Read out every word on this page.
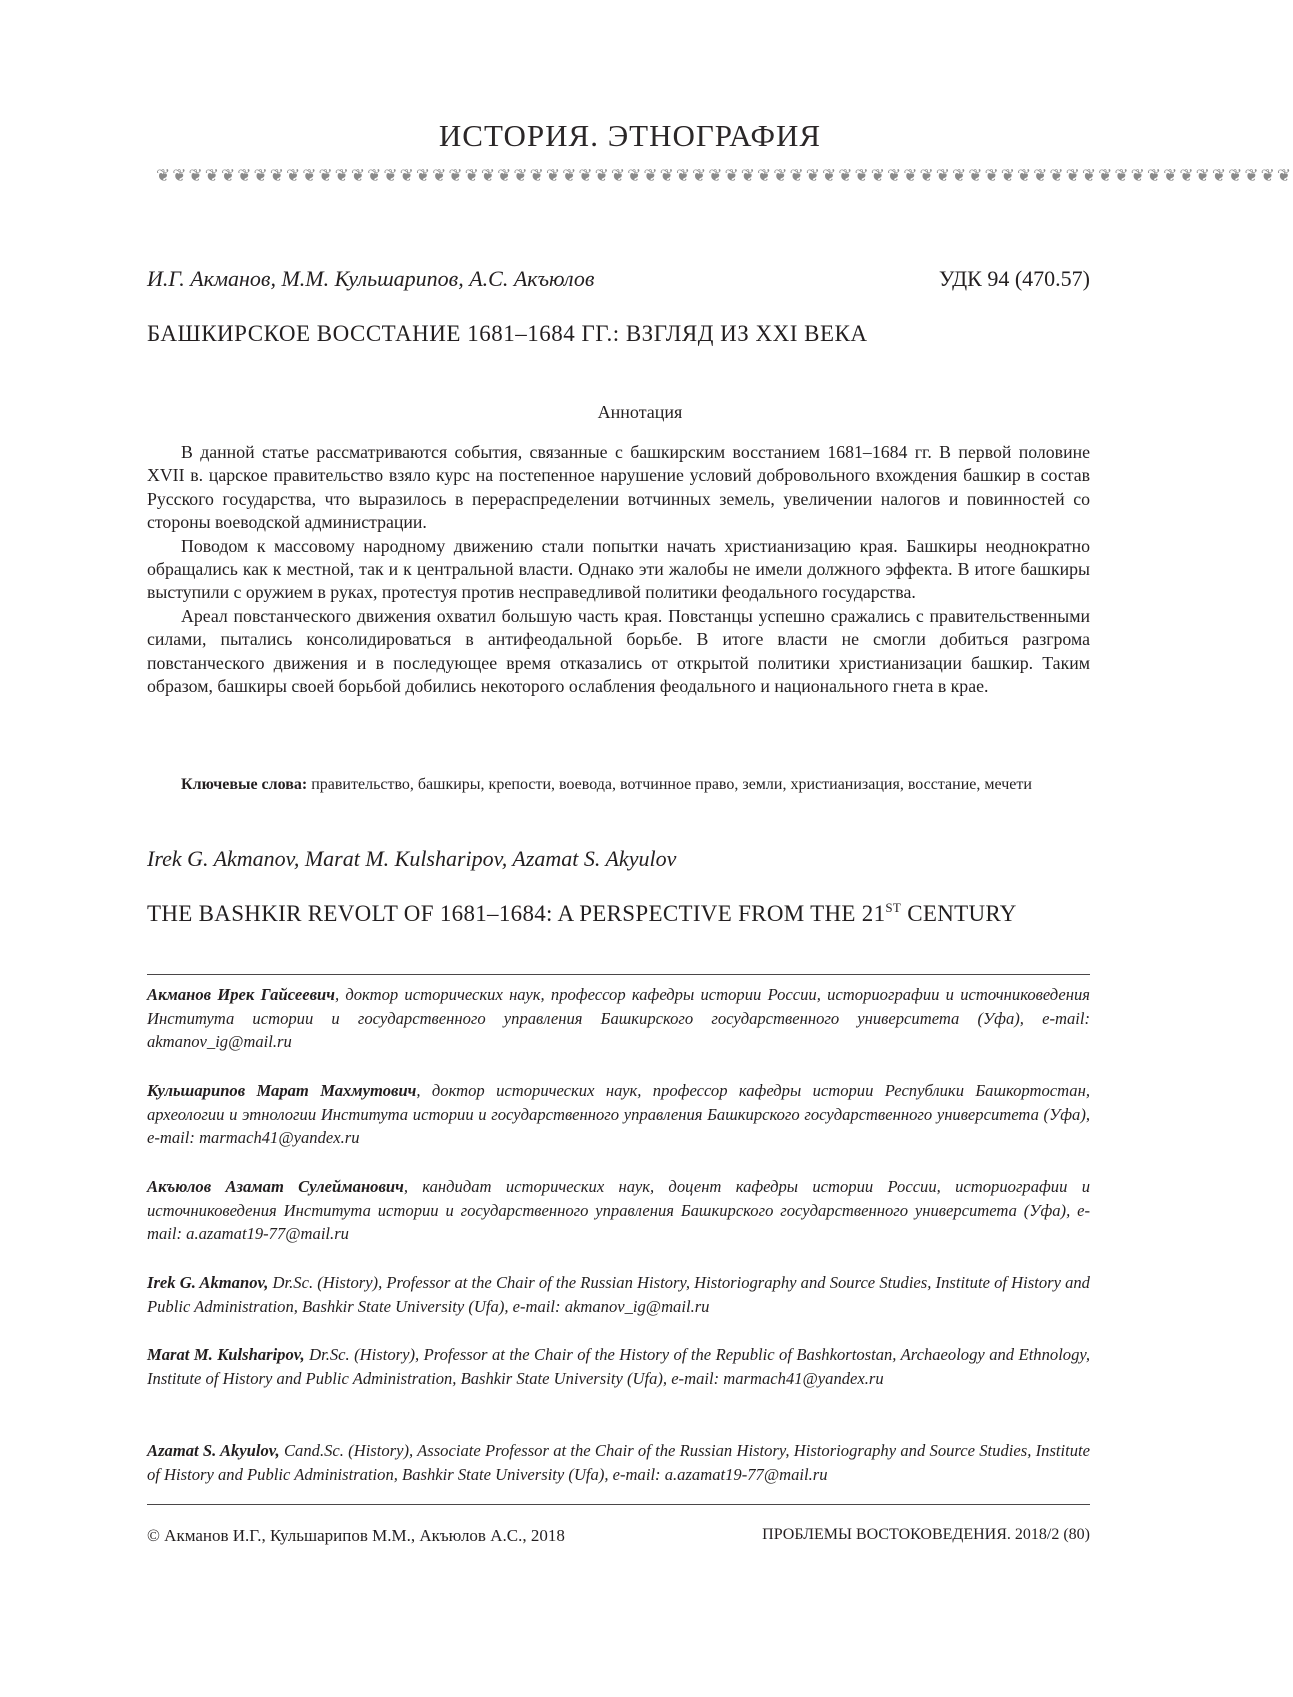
ИСТОРИЯ. ЭТНОГРАФИЯ
❦❦❦❦❦❦❦❦❦❦❦❦❦❦❦❦❦❦❦❦❦❦❦❦❦❦❦❦❦❦❦❦❦❦❦❦❦❦❦❦❦❦❦❦❦❦❦❦❦❦❦❦❦❦❦❦❦❦❦❦❦❦❦❦❦❦❦❦❦❦
И.Г. Акманов, М.М. Кульшарипов, А.С. Акъюлов	УДК 94 (470.57)
БАШКИРСКОЕ ВОССТАНИЕ 1681–1684 ГГ.: ВЗГЛЯД ИЗ XXI ВЕКА
Аннотация

В данной статье рассматриваются события, связанные с башкирским восстанием 1681–1684 гг. В первой половине XVII в. царское правительство взяло курс на постепенное нарушение условий добровольного вхождения башкир в состав Русского государства, что выразилось в перераспределении вотчинных земель, увеличении налогов и повинностей со стороны воеводской администрации.

Поводом к массовому народному движению стали попытки начать христианизацию края. Башкиры неоднократно обращались как к местной, так и к центральной власти. Однако эти жалобы не имели должного эффекта. В итоге башкиры выступили с оружием в руках, протестуя против несправедливой политики феодального государства.

Ареал повстанческого движения охватил большую часть края. Повстанцы успешно сражались с правительственными силами, пытались консолидироваться в антифеодальной борьбе. В итоге власти не смогли добиться разгрома повстанческого движения и в последующее время отказались от открытой политики христианизации башкир. Таким образом, башкиры своей борьбой добились некоторого ослабления феодального и национального гнета в крае.

Ключевые слова: правительство, башкиры, крепости, воевода, вотчинное право, земли, христианизация, восстание, мечети
Irek G. Akmanov, Marat M. Kulsharipov, Azamat S. Akyulov
THE BASHKIR REVOLT OF 1681–1684: A PERSPECTIVE FROM THE 21ST CENTURY
Акманов Ирек Гайсеевич, доктор исторических наук, профессор кафедры истории России, историографии и источниковедения Института истории и государственного управления Башкирского государственного университета (Уфа), e-mail: akmanov_ig@mail.ru
Кульшарипов Марат Махмутович, доктор исторических наук, профессор кафедры истории Республики Башкортостан, археологии и этнологии Института истории и государственного управления Башкирского государственного университета (Уфа), e-mail: marmach41@yandex.ru
Акъюлов Азамат Сулейманович, кандидат исторических наук, доцент кафедры истории России, историографии и источниковедения Института истории и государственного управления Башкирского государственного университета (Уфа), e-mail: a.azamat19-77@mail.ru
Irek G. Akmanov, Dr.Sc. (History), Professor at the Chair of the Russian History, Historiography and Source Studies, Institute of History and Public Administration, Bashkir State University (Ufa), e-mail: akmanov_ig@mail.ru
Marat M. Kulsharipov, Dr.Sc. (History), Professor at the Chair of the History of the Republic of Bashkortostan, Archaeology and Ethnology, Institute of History and Public Administration, Bashkir State University (Ufa), e-mail: marmach41@yandex.ru
Azamat S. Akyulov, Cand.Sc. (History), Associate Professor at the Chair of the Russian History, Historiography and Source Studies, Institute of History and Public Administration, Bashkir State University (Ufa), e-mail: a.azamat19-77@mail.ru
© Акманов И.Г., Кульшарипов М.М., Акъюлов А.С., 2018	ПРОБЛЕМЫ ВОСТОКОВЕДЕНИЯ. 2018/2 (80)
